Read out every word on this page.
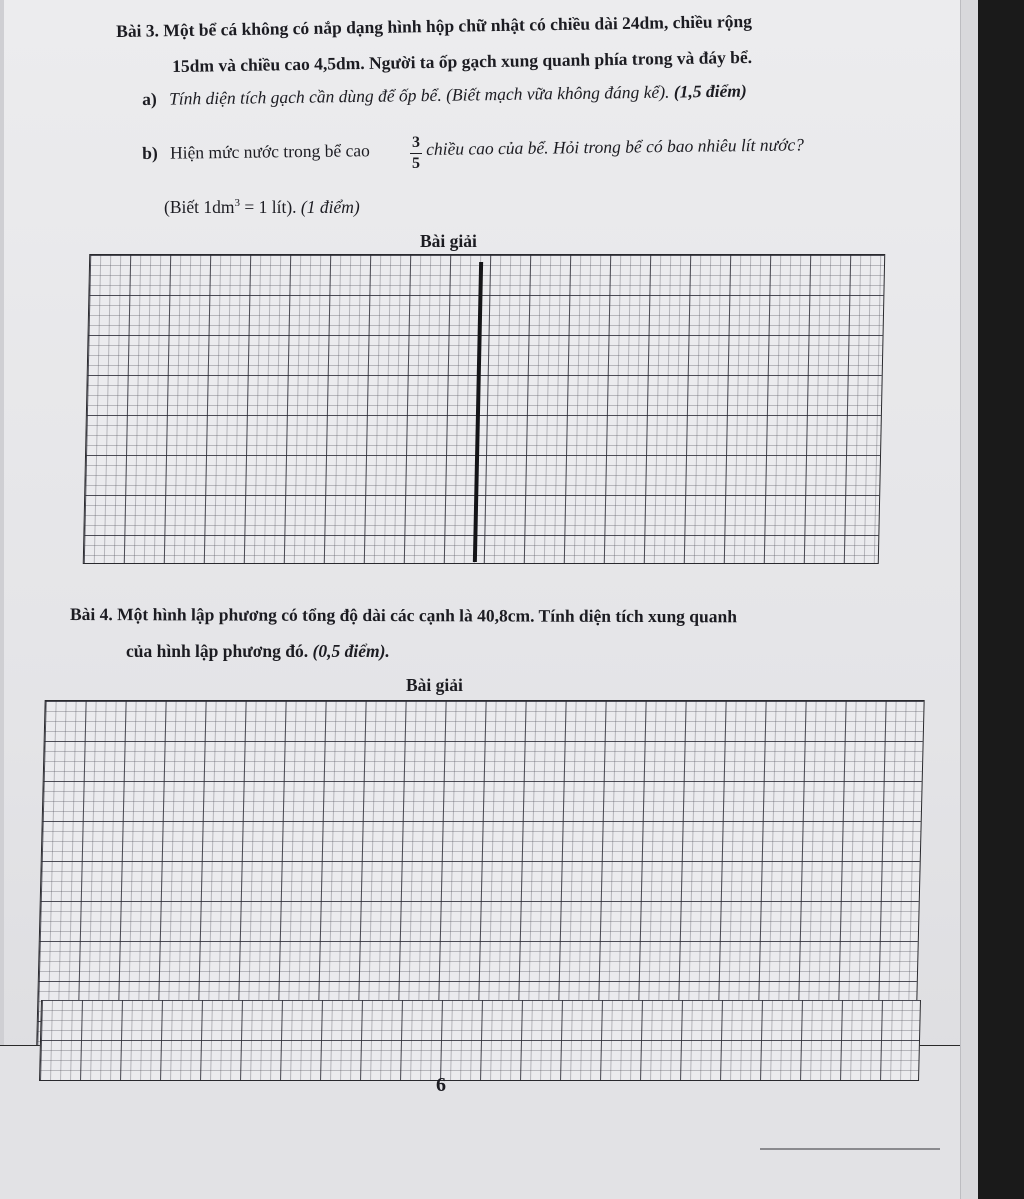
Bài 3. Một bể cá không có nắp dạng hình hộp chữ nhật có chiều dài 24dm, chiều rộng
15dm và chiều cao 4,5dm. Người ta ốp gạch xung quanh phía trong và đáy bể.
a) Tính diện tích gạch cần dùng để ốp bể. (Biết mạch vữa không đáng kể). (1,5 điểm)
b) Hiện mức nước trong bể cao	3
5
chiều cao của bể. Hỏi trong bể có bao nhiêu lít nước?
(Biết $1dm^3 = 1$ lít). (1 điểm)
Bài giải
Bài 4. Một hình lập phương có tổng độ dài các cạnh là 40,8cm. Tính diện tích xung quanh
của hình lập phương đó. (0,5 điểm).
Bài giải
6
